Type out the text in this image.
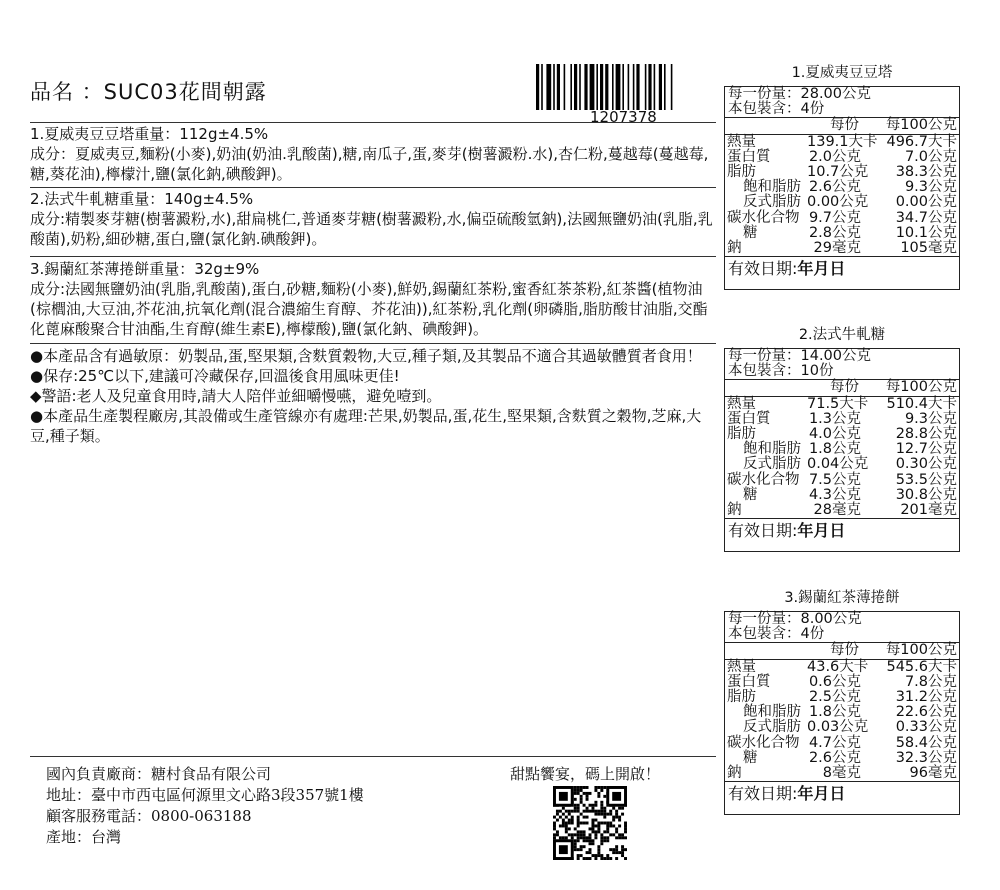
品名 ：SUC03花間朝露
1207378
1.夏威夷豆豆塔重量：112g±4.5%
成分：夏威夷豆,麵粉(小麥),奶油(奶油.乳酸菌),糖,南瓜子,蛋,麥芽(樹薯澱粉.水),杏仁粉,蔓越莓(蔓越莓,糖,葵花油),檸檬汁,鹽(氯化鈉,碘酸鉀)。
2.法式牛軋糖重量：140g±4.5%
成分:精製麥芽糖(樹薯澱粉,水),甜扁桃仁,普通麥芽糖(樹薯澱粉,水,偏亞硫酸氫鈉),法國無鹽奶油(乳脂,乳酸菌),奶粉,細砂糖,蛋白,鹽(氯化鈉.碘酸鉀)。
3.錫蘭紅茶薄捲餅重量：32g±9%
成分:法國無鹽奶油(乳脂,乳酸菌),蛋白,砂糖,麵粉(小麥),鮮奶,錫蘭紅茶粉,蜜香紅茶茶粉,紅茶醬(植物油(棕櫚油,大豆油,芥花油,抗氧化劑(混合濃縮生育醇、芥花油)),紅茶粉,乳化劑(卵磷脂,脂肪酸甘油脂,交酯化蓖麻酸聚合甘油酯,生育醇(維生素E),檸檬酸),鹽(氯化鈉、碘酸鉀)。
●本產品含有過敏原：奶製品,蛋,堅果類,含麩質穀物,大豆,種子類,及其製品不適合其過敏體質者食用！
●保存:25℃以下,建議可冷藏保存,回溫後食用風味更佳!
◆警語:老人及兒童食用時,請大人陪伴並細嚼慢嚥，避免噎到。
●本產品生產製程廠房,其設備或生產管線亦有處理:芒果,奶製品,蛋,花生,堅果類,含麩質之穀物,芝麻,大豆,種子類。
國內負責廠商：糖村食品有限公司
地址：臺中市西屯區何源里文心路3段357號1樓
顧客服務電話：0800-063188
產地：台灣
甜點饗宴，碼上開啟！
1.夏威夷豆豆塔
每一份量：28.00公克
本包裝含：4份
每份	每100公克
熱量	139.1大卡 496.7大卡
蛋白質	2.0公克	7.0公克
脂肪	10.7公克	38.3公克
飽和脂肪 2.6公克	9.3公克
反式脂肪 0.00公克	0.00公克
碳水化合物 9.7公克	34.7公克
糖	2.8公克	10.1公克
鈉	29毫克	105毫克
有效日期:年月日
2.法式牛軋糖
每一份量：14.00公克
本包裝含：10份
每份	每100公克
熱量	71.5大卡	510.4大卡
蛋白質	1.3公克	9.3公克
脂肪	4.0公克	28.8公克
飽和脂肪 1.8公克	12.7公克
反式脂肪 0.04公克	0.30公克
碳水化合物 7.5公克	53.5公克
糖	4.3公克	30.8公克
鈉	28毫克	201毫克
有效日期:年月日
3.錫蘭紅茶薄捲餅
每一份量：8.00公克
本包裝含：4份
每份	每100公克
熱量	43.6大卡	545.6大卡
蛋白質	0.6公克	7.8公克
脂肪	2.5公克	31.2公克
飽和脂肪 1.8公克	22.6公克
反式脂肪 0.03公克	0.33公克
碳水化合物 4.7公克	58.4公克
糖	2.6公克	32.3公克
鈉	8毫克	96毫克
有效日期:年月日
